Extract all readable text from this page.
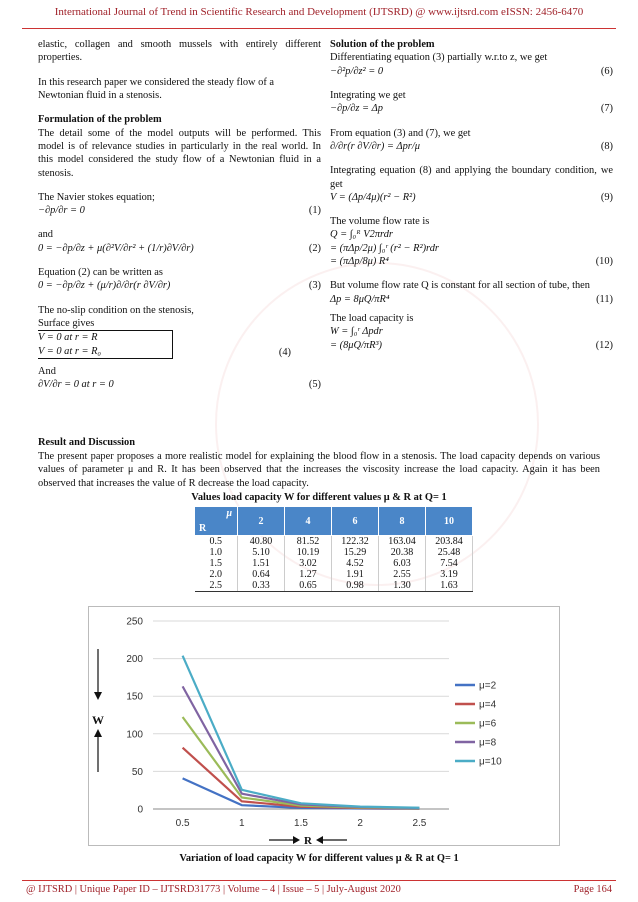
International Journal of Trend in Scientific Research and Development (IJTSRD) @ www.ijtsrd.com eISSN: 2456-6470

elastic, collagen and smooth mussels with entirely different properties.

In this research paper we considered the steady flow of a Newtonian fluid in a stenosis.

Formulation of the problem

The detail some of the model outputs will be performed. This model is of relevance studies in particularly in the real world. In this model considered the study flow of a Newtonian fluid in a stenosis.

The Navier stokes equation;

−∂p/∂r = 0	(1)

and

0 = −∂p/∂z + μ(∂²V/∂r² + (1/r)∂V/∂r)	(2)

Equation (2) can be written as

0 = −∂p/∂z + (μ/r)∂/∂r(r ∂V/∂r)	(3)

The no-slip condition on the stenosis,

Surface gives

V = 0 at r = R
V = 0 at r = R₀	(4)

And

∂V/∂r = 0 at r = 0	(5)

Solution of the problem

Differentiating equation (3) partially w.r.to z, we get

−∂²p/∂z² = 0	(6)

Integrating we get

−∂p/∂z = Δp	(7)

From equation (3) and (7), we get

∂/∂r(r ∂V/∂r) = Δpr/μ	(8)

Integrating equation (8) and applying the boundary condition, we get

V = (Δp/4μ)(r² − R²)	(9)

The volume flow rate is

Q = ∫₀ᴿ V2πrdr
= (πΔp/2μ) ∫₀ʳ (r² − R²)rdr
= (πΔp/8μ) R⁴	(10)

But volume flow rate Q is constant for all section of tube, then

Δp = 8μQ/πR⁴	(11)

The load capacity is

W = ∫₀ʳ Δpdr
= (8μQ/πR³)	(12)
Result and Discussion
The present paper proposes a more realistic model for explaining the blood flow in a stenosis. The load capacity depends on various values of parameter μ and R. It has been observed that the increases the viscosity increase the load capacity. Again it has been observed that increases the value of R decrease the load capacity.
Values load capacity W for different values μ & R at Q= 1
μ
R	2	4	6	8	10
0.5	40.80	81.52	122.32	163.04	203.84
1.0	5.10	10.19	15.29	20.38	25.48
1.5	1.51	3.02	4.52	6.03	7.54
2.0	0.64	1.27	1.91	2.55	3.19
2.5	0.33	0.65	0.98	1.30	1.63
0
50
100
150
200
250
0.5	1	1.5	2	2.5
μ=2
μ=4
μ=6
μ=8
μ=10
W
R
Variation of load capacity W for different values μ & R at Q= 1
@ IJTSRD | Unique Paper ID – IJTSRD31773 | Volume – 4 | Issue – 5 | July-August 2020	Page 164
